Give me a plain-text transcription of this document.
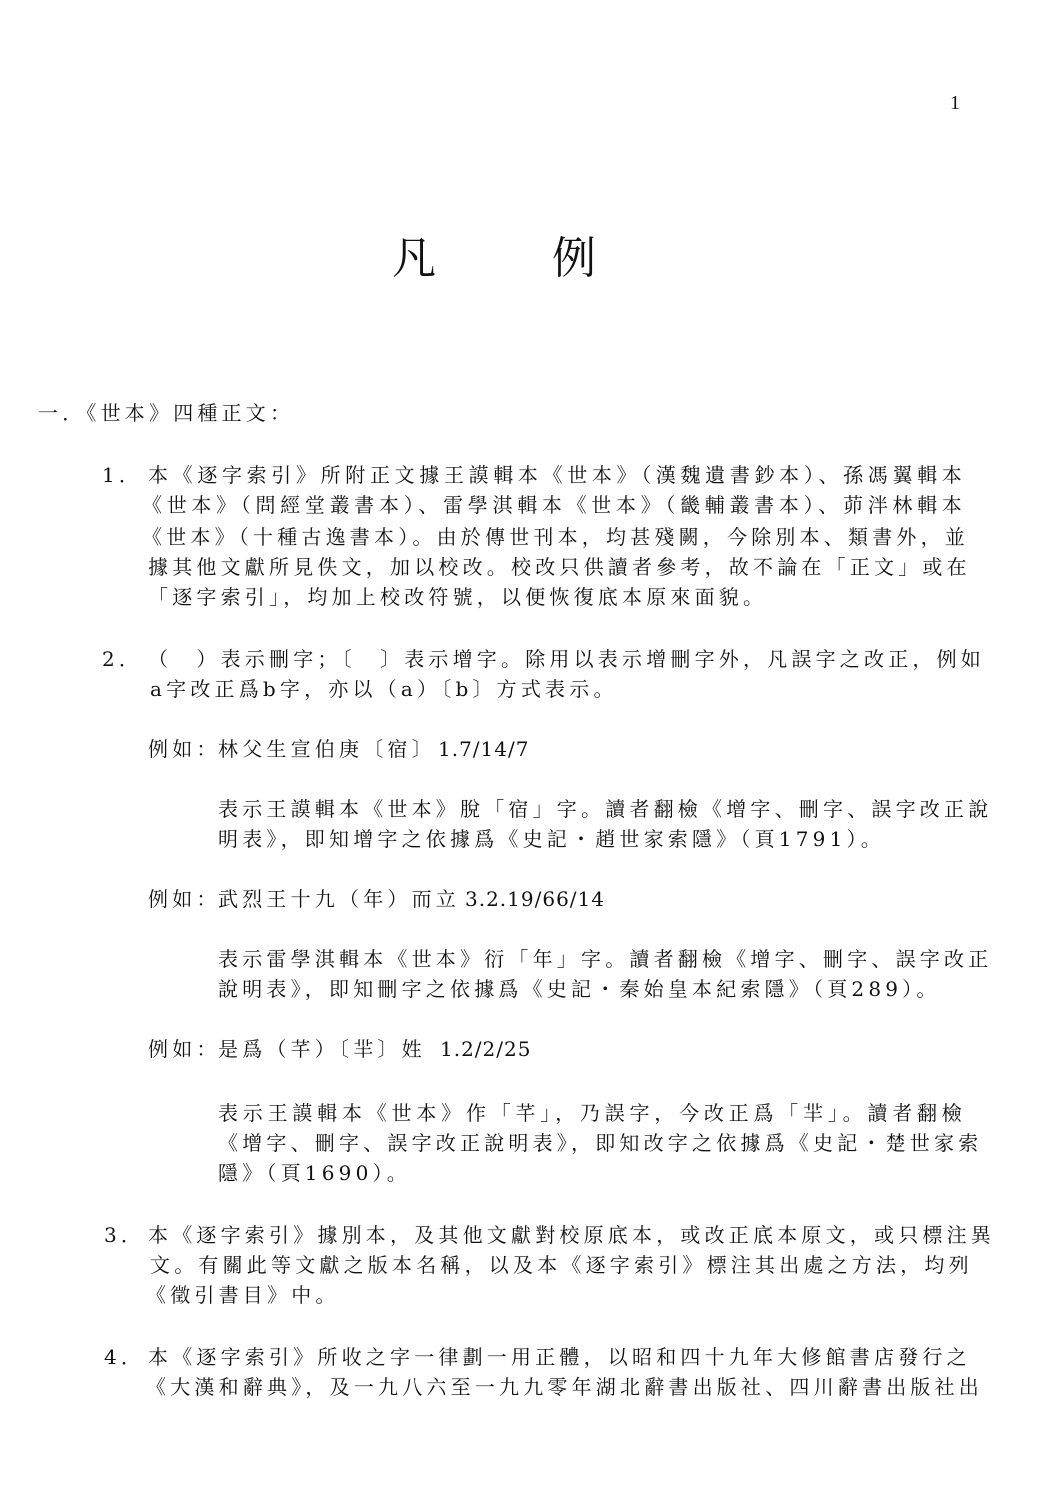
1
凡	例
一．《世本》四種正文：
1． 本《逐字索引》所附正文據王謨輯本《世本》（漢魏遺書鈔本）、孫馮翼輯本
《世本》（問經堂叢書本）、雷學淇輯本《世本》（畿輔叢書本）、茆泮林輯本
《世本》（十種古逸書本）。由於傳世刊本，均甚殘闕，今除別本、類書外，並
據其他文獻所見佚文，加以校改。校改只供讀者參考，故不論在「正文」或在
「逐字索引」，均加上校改符號，以便恢復底本原來面貌。
2． （　）表示刪字；〔　〕表示增字。除用以表示增刪字外，凡誤字之改正，例如
a字改正爲b字，亦以（a）〔b〕方式表示。
例如：
林父生宣伯庚〔宿〕 1.7/14/7
表示王謨輯本《世本》脫「宿」字。讀者翻檢《增字、刪字、誤字改正說
明表》，即知增字之依據爲《史記・趙世家索隱》（頁1791）。
例如：
武烈王十九（年）而立 3.2.19/66/14
表示雷學淇輯本《世本》衍「年」字。讀者翻檢《增字、刪字、誤字改正
說明表》，即知刪字之依據爲《史記・秦始皇本紀索隱》（頁289）。
例如：
是爲（芊）〔羋〕姓 1.2/2/25
表示王謨輯本《世本》作「芊」，乃誤字，今改正爲「羋」。讀者翻檢
《增字、刪字、誤字改正說明表》，即知改字之依據爲《史記・楚世家索
隱》（頁1690）。
3． 本《逐字索引》據別本，及其他文獻對校原底本，或改正底本原文，或只標注異
文。有關此等文獻之版本名稱，以及本《逐字索引》標注其出處之方法，均列
《徵引書目》中。
4． 本《逐字索引》所收之字一律劃一用正體，以昭和四十九年大修館書店發行之
《大漢和辭典》，及一九八六至一九九零年湖北辭書出版社、四川辭書出版社出
